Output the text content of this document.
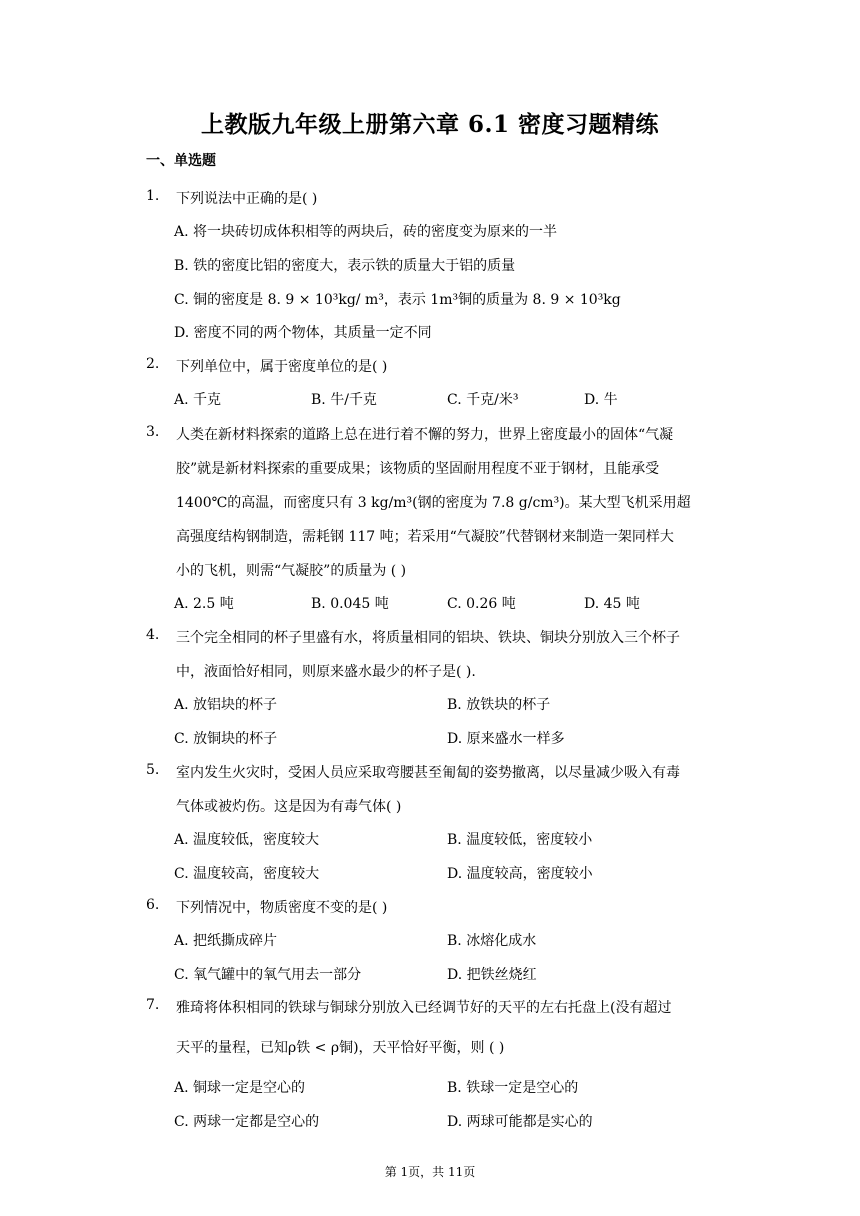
上教版九年级上册第六章 6.1 密度习题精练
一、单选题
1.	下列说法中正确的是( )
A. 将一块砖切成体积相等的两块后，砖的密度变为原来的一半
B. 铁的密度比铝的密度大，表示铁的质量大于铝的质量
C. 铜的密度是 8. 9 × 10³kg/ m³，表示 1m³铜的质量为 8. 9 × 10³kg
D. 密度不同的两个物体，其质量一定不同
2.	下列单位中，属于密度单位的是( )
A. 千克	B. 牛/千克	C. 千克/米³	D. 牛
3.	人类在新材料探索的道路上总在进行着不懈的努力，世界上密度最小的固体“气凝
胶”就是新材料探索的重要成果；该物质的坚固耐用程度不亚于钢材，且能承受
1400℃的高温，而密度只有 3 kg/m³(钢的密度为 7.8 g/cm³)。某大型飞机采用超
高强度结构钢制造，需耗钢 117 吨；若采用“气凝胶”代替钢材来制造一架同样大
小的飞机，则需“气凝胶”的质量为 ( )
A. 2.5 吨	B. 0.045 吨	C. 0.26 吨	D. 45 吨
4.	三个完全相同的杯子里盛有水，将质量相同的铝块、铁块、铜块分别放入三个杯子
中，液面恰好相同，则原来盛水最少的杯子是( ).
A. 放铝块的杯子	B. 放铁块的杯子
C. 放铜块的杯子	D. 原来盛水一样多
5.	室内发生火灾时，受困人员应采取弯腰甚至匍匐的姿势撤离，以尽量减少吸入有毒
气体或被灼伤。这是因为有毒气体( )
A. 温度较低，密度较大	B. 温度较低，密度较小
C. 温度较高，密度较大	D. 温度较高，密度较小
6.	下列情况中，物质密度不变的是( )
A. 把纸撕成碎片	B. 冰熔化成水
C. 氧气罐中的氧气用去一部分	D. 把铁丝烧红
7.	雅琦将体积相同的铁球与铜球分别放入已经调节好的天平的左右托盘上(没有超过
天平的量程，已知ρ铁 < ρ铜)，天平恰好平衡，则 ( )
A. 铜球一定是空心的	B. 铁球一定是空心的
C. 两球一定都是空心的	D. 两球可能都是实心的
第 1页，共 11页
